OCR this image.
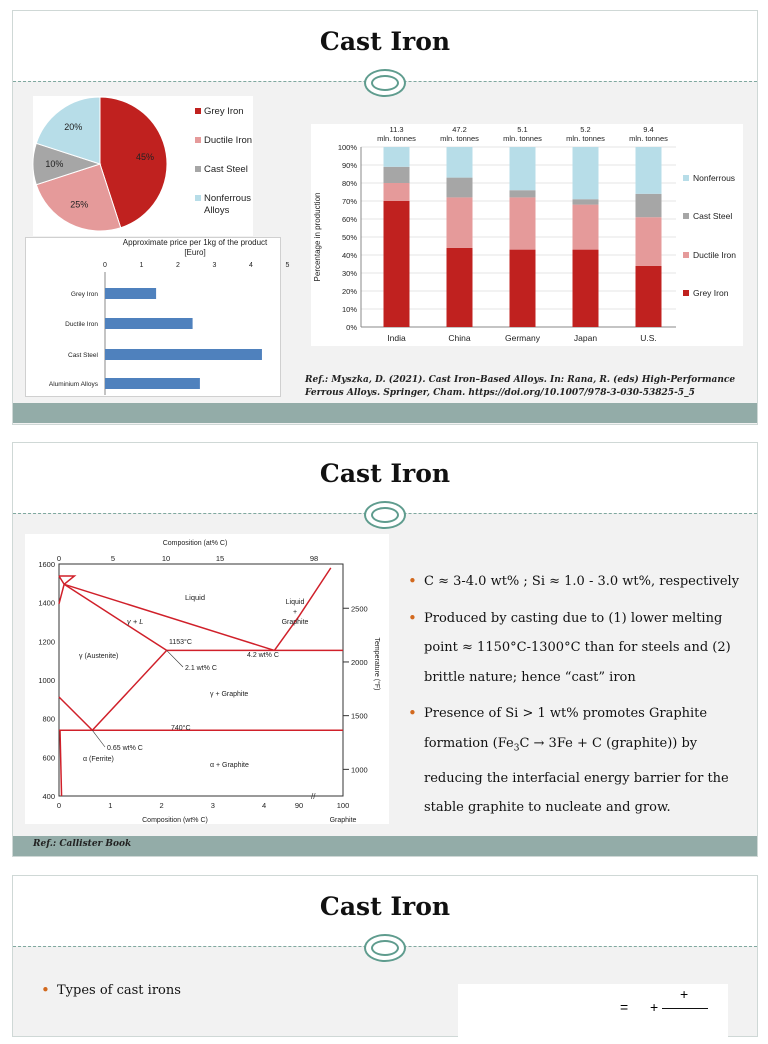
Cast Iron
45%
25%
10%
20%
Grey Iron
Ductile Iron
Cast Steel
Nonferrous
Alloys
Approximate price per 1kg of the product
[Euro]
0	1	2	3	4	5
Grey Iron
Ductile Iron
Cast Steel
Aluminium Alloys
0%
10%
20%
30%
40%
50%
60%
70%
80%
90%
100%
Percentage in production
India
11.3
mln. tonnes
China
47.2
mln. tonnes
Germany
5.1
mln. tonnes
Japan
5.2
mln. tonnes
U.S.
9.4
mln. tonnes
Grey Iron
Ductile Iron
Cast Steel
Nonferrous
Ref.: Myszka, D. (2021). Cast Iron–Based Alloys. In: Rana, R. (eds) High-Performance Ferrous Alloys. Springer, Cham. https://doi.org/10.1007/978-3-030-53825-5_5
Cast Iron
Composition (at% C)
0	5	10	15	98
0	1	2	3	4	90	100
Composition (wt% C)	Graphite
400
600
800
1000
1200
1400
1600
1000
1500
2000
2500
Temperature (°F)
//
Liquid
Liquid
+
Graphite
γ + L
γ (Austenite)
γ + Graphite
α + Graphite
α (Ferrite)
1153°C
4.2 wt% C
2.1 wt% C
740°C
0.65 wt% C
• C ≈ 3-4.0 wt% ; Si ≈ 1.0 - 3.0 wt%, respectively
• Produced by casting due to (1) lower melting point ≈ 1150°C-1300°C than for steels and (2) brittle nature; hence “cast” iron
• Presence of Si > 1 wt% promotes Graphite formation ($Fe_3C \to 3Fe + C$ (graphite)) by reducing the interfacial energy barrier for the stable graphite to nucleate and grow.
Ref.: Callister Book
Cast Iron
• Types of cast irons
= +
+
